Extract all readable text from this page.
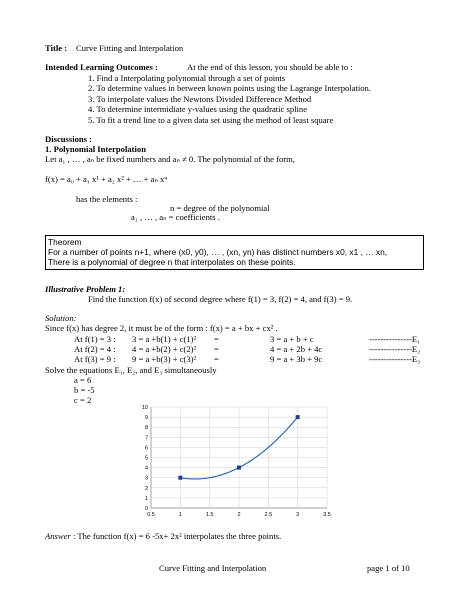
Title : Curve Fitting and Interpolation
Intended Learning Outcomes :	At the end of this lesson, you should be able to :
1. Find a Interpolating polynomial through a set of points
2. To determine values in between known points using the Lagrange Interpolation.
3. To interpolate values the Newtons Divided Difference Method
4. To determine intermidiate y-values using the quadratic spline
5. To fit a trend line to a given data set using the method of least square
Discussions :
1. Polynomial Interpolation
Let a₁ , … , aₙ be fixed numbers and aₙ ≠ 0. The polynomial of the form,
f(x) = a₀ + a₁ x¹ + a₂ x² + … + aₙ xⁿ
has the elements :
n = degree of the polynomial
a₁ , … , aₙ = coefficients .
Theorem
For a number of points n+1, where (x0, y0), … , (xn, yn) has distinct numbers x0, x1 , … xn,
There is a polynomial of degree n that interpolates on these points.
Illustrative Problem 1:
Find the function f(x) of second degree where f(1) = 3, f(2) = 4, and f(3) = 9.
Solution:
Since f(x) has degree 2, it must be of the form : f(x) = a + bx + cx² .
At f(1) = 3 : 3 = a +b(1) + c(1)² =	3 = a + b + c	---------------E₁
At f(2) = 4 : 4 = a +b(2) + c(2)² =	4 = a + 2b + 4c	---------------E₂
At f(3) = 9 : 9 = a +b(3) + c(3)² =	9 = a + 3b + 9c	---------------E₃
Solve the equations E₁, E₂, and E₃ simultaneously
a = 6
b = -5
c = 2
0
1
2
3
4
5
6
7
8
9
10
0.5	1	1.5	2	2.5	3	3.5
Answer : The function f(x) = 6 -5x+ 2x² interpolates the three points.
Curve Fitting and Interpolation	page 1 of 10
